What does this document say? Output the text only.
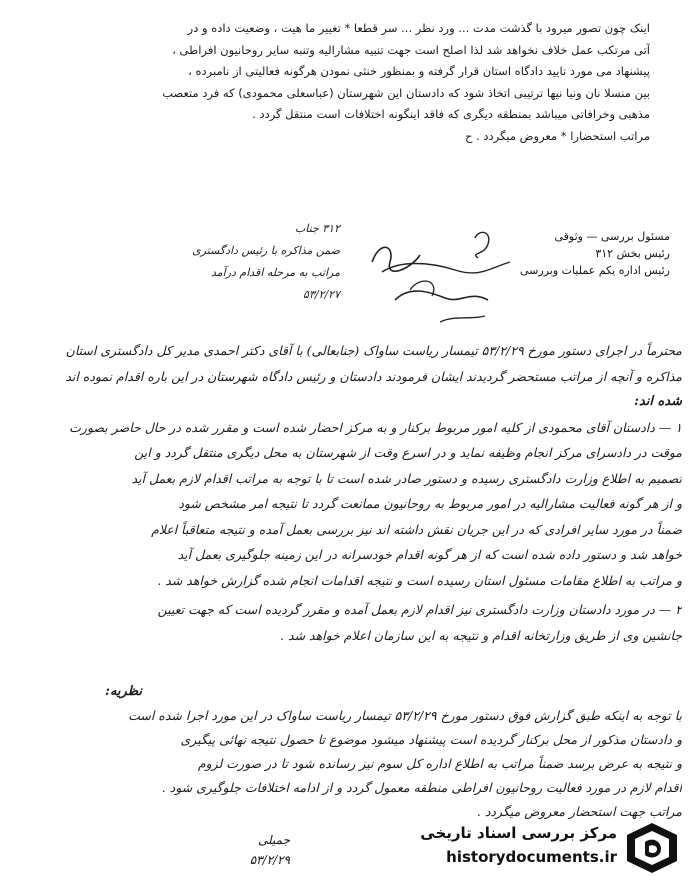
اینک چون تصور میرود با گذشت مدت ... ورد نظر ... سر قطعا * تغییر ما هیت ، وضعیت داده و در
آتی مرتکب عمل خلاف نخواهد شد لذا اصلح است جهت تنبیه مشارالیه وتنبه سایر روحانیون افراطی ،
پیشنهاد می مورد تایید دادگاه استان قرار گرفته و بمنظور خنثی نمودن هرگونه فعالیتی از نامبرده ،
بین منسلا نان ونیا نیها ترتیبی اتخاذ شود که دادستان این شهرستان (عباسعلی محمودی) که فرد متعصب
مذهبی وخرافاتی میباشد بمنطقه دیگری که فاقد اینگونه اختلافات است منتقل گردد .
مراتب استحضارا * معروض میگردد . ح
۳۱۲ جناب
ضمن مذاکره با رئیس دادگستری
مراتب به مرحله اقدام درآمد
۵۳/۲/۲۷
مسئول بررسی — وثوقی
رئیس بخش ۳۱۲
رئیس اداره یکم عملیات وبررسی
محترماً در اجرای دستور مورخ ۵۳/۲/۲۹ تیمسار ریاست ساواک (جنابعالی) با آقای دکتر احمدی مدیر کل دادگستری استان
مذاکره و آنچه از مراتب مستحضر گردیدند ایشان فرمودند دادستان و رئیس دادگاه شهرستان در این باره اقدام نموده اند
شده اند:
۱ — دادستان آقای محمودی از کلیه امور مربوط برکنار و به مرکز احضار شده است و مقرر شده در حال حاضر بصورت
موقت در دادسرای مرکز انجام وظیفه نماید و در اسرع وقت از شهرستان به محل دیگری منتقل گردد و این
تصمیم به اطلاع وزارت دادگستری رسیده و دستور صادر شده است تا با توجه به مراتب اقدام لازم بعمل آید
و از هر گونه فعالیت مشارالیه در امور مربوط به روحانیون ممانعت گردد تا نتیجه امر مشخص شود
ضمناً در مورد سایر افرادی که در این جریان نقش داشته اند نیز بررسی بعمل آمده و نتیجه متعاقباً اعلام
خواهد شد و دستور داده شده است که از هر گونه اقدام خودسرانه در این زمینه جلوگیری بعمل آید
و مراتب به اطلاع مقامات مسئول استان رسیده است و نتیجه اقدامات انجام شده گزارش خواهد شد .
۲ — در مورد دادستان وزارت دادگستری نیز اقدام لازم بعمل آمده و مقرر گردیده است که جهت تعیین
جانشین وی از طریق وزارتخانه اقدام و نتیجه به این سازمان اعلام خواهد شد .
نظریه:
با توجه به اینکه طبق گزارش فوق دستور مورخ ۵۳/۲/۲۹ تیمسار ریاست ساواک در این مورد اجرا شده است
و دادستان مذکور از محل برکنار گردیده است پیشنهاد میشود موضوع تا حصول نتیجه نهائی پیگیری
و نتیجه به عرض برسد ضمناً مراتب به اطلاع اداره کل سوم نیز رسانده شود تا در صورت لزوم
اقدام لازم در مورد فعالیت روحانیون افراطی منطقه معمول گردد و از ادامه اختلافات جلوگیری شود .
مراتب جهت استحضار معروض میگردد .
جمیلی
۵۳/۲/۲۹
مرکز بررسی اسناد تاریخی
historydocuments.ir
